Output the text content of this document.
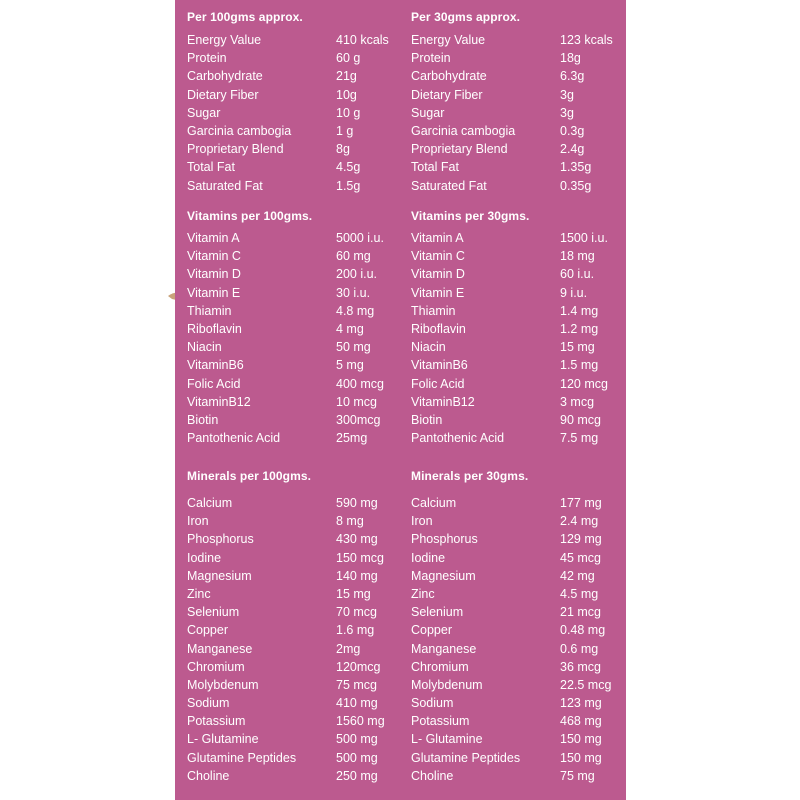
Per 100gms approx.
Energy Value	410 kcals
Protein	60 g
Carbohydrate	21g
Dietary Fiber	10g
Sugar	10 g
Garcinia cambogia	1 g
Proprietary Blend	8g
Total Fat	4.5g
Saturated Fat	1.5g
Vitamins per 100gms.
Vitamin A	5000 i.u.
Vitamin C	60 mg
Vitamin D	200 i.u.
Vitamin E	30 i.u.
Thiamin	4.8 mg
Riboflavin	4 mg
Niacin	50 mg
VitaminB6	5 mg
Folic Acid	400 mcg
VitaminB12	10 mcg
Biotin	300mcg
Pantothenic Acid	25mg
Minerals per 100gms.
Calcium	590 mg
Iron	8 mg
Phosphorus	430 mg
Iodine	150 mcg
Magnesium	140 mg
Zinc	15 mg
Selenium	70 mcg
Copper	1.6 mg
Manganese	2mg
Chromium	120mcg
Molybdenum	75 mcg
Sodium	410 mg
Potassium	1560 mg
L- Glutamine	500 mg
Glutamine Peptides	500 mg
Choline	250 mg
Per 30gms approx.
Energy Value	123 kcals
Protein	18g
Carbohydrate	6.3g
Dietary Fiber	3g
Sugar	3g
Garcinia cambogia	0.3g
Proprietary Blend	2.4g
Total Fat	1.35g
Saturated Fat	0.35g
Vitamins per 30gms.
Vitamin A	1500 i.u.
Vitamin C	18 mg
Vitamin D	60 i.u.
Vitamin E	9 i.u.
Thiamin	1.4 mg
Riboflavin	1.2 mg
Niacin	15 mg
VitaminB6	1.5 mg
Folic Acid	120 mcg
VitaminB12	3 mcg
Biotin	90 mcg
Pantothenic Acid	7.5 mg
Minerals per 30gms.
Calcium	177 mg
Iron	2.4 mg
Phosphorus	129 mg
Iodine	45 mcg
Magnesium	42 mg
Zinc	4.5 mg
Selenium	21 mcg
Copper	0.48 mg
Manganese	0.6 mg
Chromium	36 mcg
Molybdenum	22.5 mcg
Sodium	123 mg
Potassium	468 mg
L- Glutamine	150 mg
Glutamine Peptides	150 mg
Choline	75 mg
